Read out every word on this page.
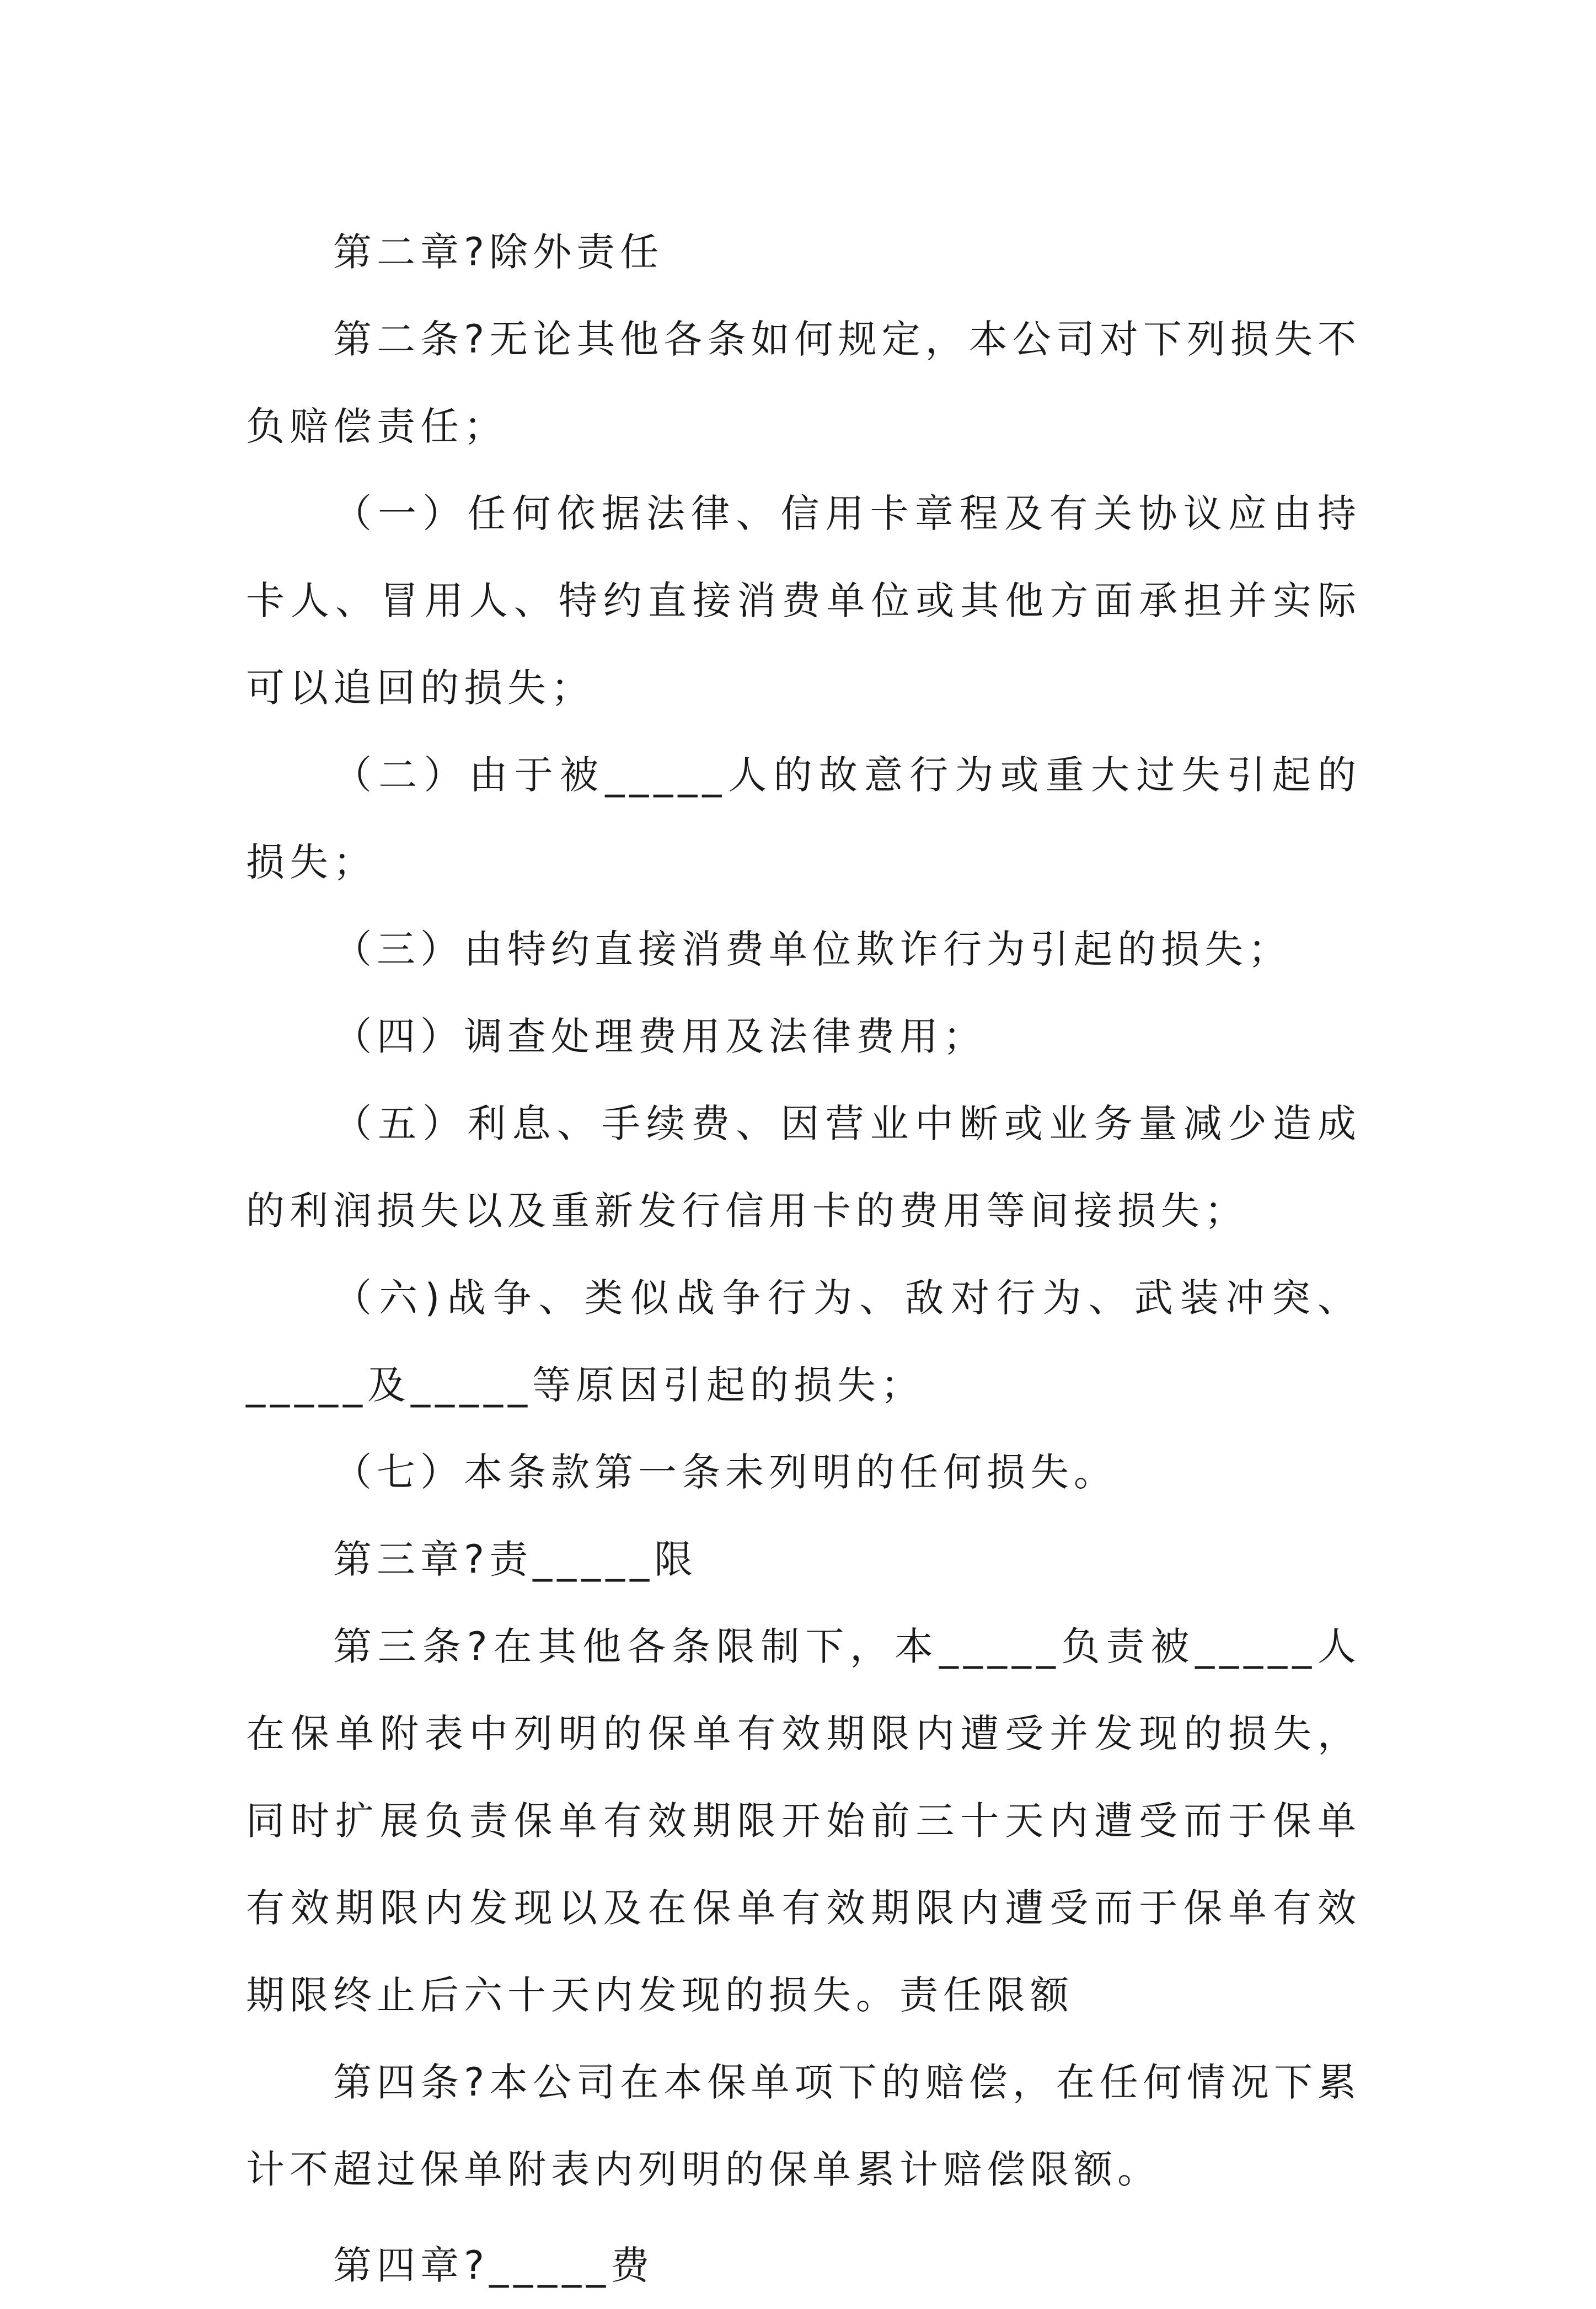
第二章?除外责任

第二条?无论其他各条如何规定，本公司对下列损失不负赔偿责任；

（一）任何依据法律、信用卡章程及有关协议应由持卡人、冒用人、特约直接消费单位或其他方面承担并实际可以追回的损失；

（二）由于被_____人的故意行为或重大过失引起的损失；

（三）由特约直接消费单位欺诈行为引起的损失；

（四）调查处理费用及法律费用；

（五）利息、手续费、因营业中断或业务量减少造成的利润损失以及重新发行信用卡的费用等间接损失；

（六)战争、类似战争行为、敌对行为、武装冲突、_____及_____等原因引起的损失；

（七）本条款第一条未列明的任何损失。

第三章?责_____限

第三条?在其他各条限制下，本_____负责被_____人在保单附表中列明的保单有效期限内遭受并发现的损失，同时扩展负责保单有效期限开始前三十天内遭受而于保单有效期限内发现以及在保单有效期限内遭受而于保单有效期限终止后六十天内发现的损失。责任限额

第四条?本公司在本保单项下的赔偿，在任何情况下累计不超过保单附表内列明的保单累计赔偿限额。

第四章?_____费
